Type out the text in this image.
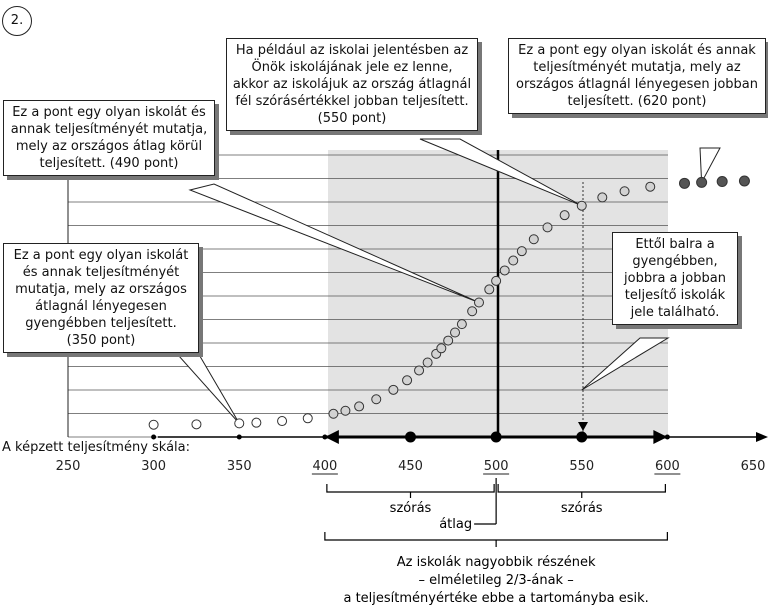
250	300	350	400	450	500	550	600	650
szórás	szórás
átlag
Az iskolák nagyobbik részének
– elméletileg 2/3-ának –
a teljesítményértéke ebbe a tartományba esik.
2.
Ez a pont egy olyan iskolát és annak teljesítményét mutatja, mely az országos átlagnál lényegesen gyengébben teljesített. (350 pont)
Ez a pont egy olyan iskolát és annak teljesítményét mutatja, mely az országos átlag körül teljesített. (490 pont)
Ha például az iskolai jelentésben az Önök iskolájának jele ez lenne, akkor az iskolájuk az ország átlagnál fél szórásértékkel jobban teljesített. (550 pont)
Ez a pont egy olyan iskolát és annak teljesítményét mutatja, mely az országos átlagnál lényegesen jobban teljesített. (620 pont)
Ettől balra a gyengébben, jobbra a jobban teljesítő iskolák jele található.
A képzett teljesítmény skála:
